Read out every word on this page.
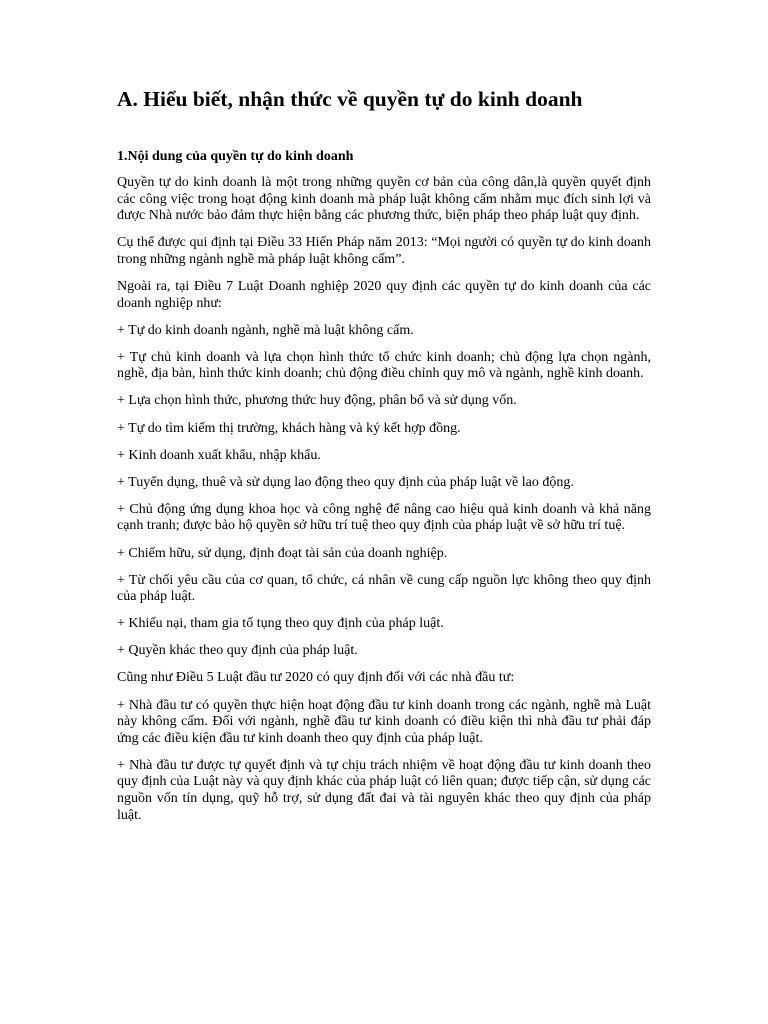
A. Hiểu biết, nhận thức về quyền tự do kinh doanh
1.Nội dung của quyền tự do kinh doanh

Quyền tự do kinh doanh là một trong những quyền cơ bản của công dân,là quyền quyết định các công việc trong hoạt động kinh doanh mà pháp luật không cấm nhằm mục đích sinh lợi và được Nhà nước bảo đảm thực hiện bằng các phương thức, biện pháp theo pháp luật quy định.

Cụ thể được qui định tại Điều 33 Hiến Pháp năm 2013: “Mọi người có quyền tự do kinh doanh trong những ngành nghề mà pháp luật không cấm”.

Ngoài ra, tại Điều 7 Luật Doanh nghiệp 2020 quy định các quyền tự do kinh doanh của các doanh nghiệp như:

+ Tự do kinh doanh ngành, nghề mà luật không cấm.

+ Tự chủ kinh doanh và lựa chọn hình thức tổ chức kinh doanh; chủ động lựa chọn ngành, nghề, địa bàn, hình thức kinh doanh; chủ động điều chỉnh quy mô và ngành, nghề kinh doanh.

+ Lựa chọn hình thức, phương thức huy động, phân bổ và sử dụng vốn.

+ Tự do tìm kiếm thị trường, khách hàng và ký kết hợp đồng.

+ Kinh doanh xuất khẩu, nhập khẩu.

+ Tuyển dụng, thuê và sử dụng lao động theo quy định của pháp luật về lao động.

+ Chủ động ứng dụng khoa học và công nghệ để nâng cao hiệu quả kinh doanh và khả năng cạnh tranh; được bảo hộ quyền sở hữu trí tuệ theo quy định của pháp luật về sở hữu trí tuệ.

+ Chiếm hữu, sử dụng, định đoạt tài sản của doanh nghiệp.

+ Từ chối yêu cầu của cơ quan, tổ chức, cá nhân về cung cấp nguồn lực không theo quy định của pháp luật.

+ Khiếu nại, tham gia tố tụng theo quy định của pháp luật.

+ Quyền khác theo quy định của pháp luật.

Cũng như Điều 5 Luật đầu tư 2020 có quy định đối với các nhà đầu tư:

+ Nhà đầu tư có quyền thực hiện hoạt động đầu tư kinh doanh trong các ngành, nghề mà Luật này không cấm. Đối với ngành, nghề đầu tư kinh doanh có điều kiện thì nhà đầu tư phải đáp ứng các điều kiện đầu tư kinh doanh theo quy định của pháp luật.

+ Nhà đầu tư được tự quyết định và tự chịu trách nhiệm về hoạt động đầu tư kinh doanh theo quy định của Luật này và quy định khác của pháp luật có liên quan; được tiếp cận, sử dụng các nguồn vốn tín dụng, quỹ hỗ trợ, sử dụng đất đai và tài nguyên khác theo quy định của pháp luật.
